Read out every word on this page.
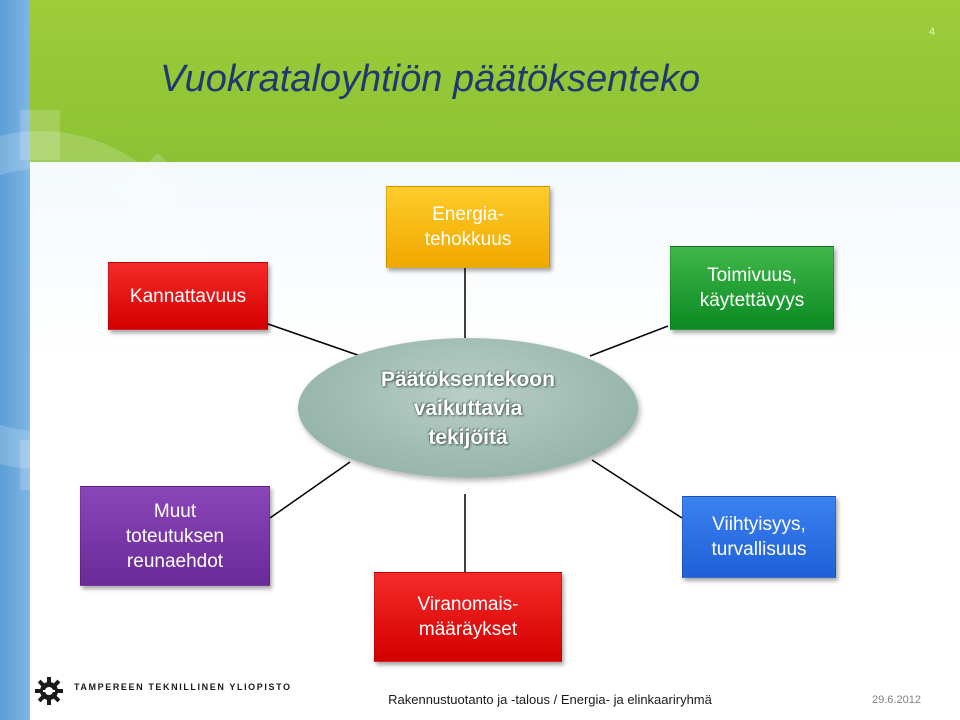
4
Vuokrataloyhtiön päätöksenteko
Kannattavuus
Energia-
tehokkuus
Toimivuus,
käytettävyys
Muut
toteutuksen
reunaehdot
Viranomais-
määräykset
Viihtyisyys,
turvallisuus
Päätöksentekoon
vaikuttavia
tekijöitä
TAMPEREEN TEKNILLINEN YLIOPISTO
Rakennustuotanto ja -talous / Energia- ja elinkaariryhmä	29.6.2012
